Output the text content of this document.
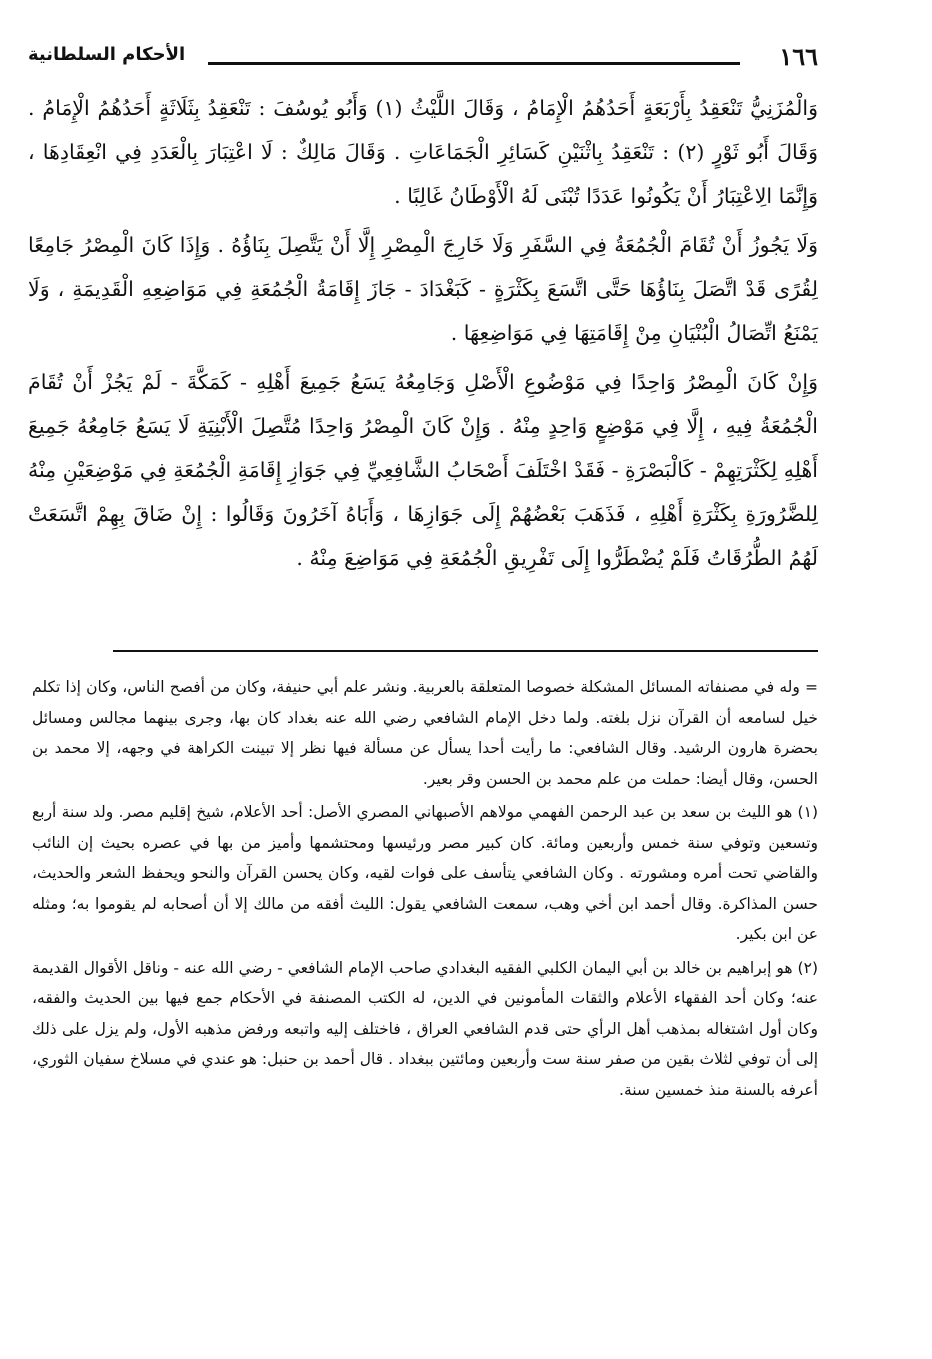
١٦٦
الأحكام السلطانية

وَالْمُزَنِيُّ تَنْعَقِدُ بِأَرْبَعَةٍ أَحَدُهُمُ الْإِمَامُ ، وَقَالَ اللَّيْثُ (١) وَأَبُو يُوسُفَ : تَنْعَقِدُ بِثَلَاثَةٍ أَحَدُهُمُ الْإِمَامُ . وَقَالَ أَبُو ثَوْرٍ (٢) : تَنْعَقِدُ بِاثْنَيْنِ كَسَائِرِ الْجَمَاعَاتِ . وَقَالَ مَالِكٌ : لَا اعْتِبَارَ بِالْعَدَدِ فِي انْعِقَادِهَا ، وَإِنَّمَا الِاعْتِبَارُ أَنْ يَكُونُوا عَدَدًا تُبْنَى لَهُ الْأَوْطَانُ غَالِبًا .

وَلَا يَجُوزُ أَنْ تُقَامَ الْجُمُعَةُ فِي السَّفَرِ وَلَا خَارِجَ الْمِصْرِ إِلَّا أَنْ يَتَّصِلَ بِنَاؤُهُ . وَإِذَا كَانَ الْمِصْرُ جَامِعًا لِقُرًى قَدْ اتَّصَلَ بِنَاؤُهَا حَتَّى اتَّسَعَ بِكَثْرَةٍ - كَبَغْدَادَ - جَازَ إِقَامَةُ الْجُمُعَةِ فِي مَوَاضِعِهِ الْقَدِيمَةِ ، وَلَا يَمْنَعُ اتِّصَالُ الْبُنْيَانِ مِنْ إِقَامَتِهَا فِي مَوَاضِعِهَا .

وَإِنْ كَانَ الْمِصْرُ وَاحِدًا فِي مَوْضُوعِ الْأَصْلِ وَجَامِعُهُ يَسَعُ جَمِيعَ أَهْلِهِ - كَمَكَّةَ - لَمْ يَجُزْ أَنْ تُقَامَ الْجُمُعَةُ فِيهِ ، إِلَّا فِي مَوْضِعٍ وَاحِدٍ مِنْهُ . وَإِنْ كَانَ الْمِصْرُ وَاحِدًا مُتَّصِلَ الْأَبْنِيَةِ لَا يَسَعُ جَامِعُهُ جَمِيعَ أَهْلِهِ لِكَثْرَتِهِمْ - كَالْبَصْرَةِ - فَقَدْ اخْتَلَفَ أَصْحَابُ الشَّافِعِيِّ فِي جَوَازِ إِقَامَةِ الْجُمُعَةِ فِي مَوْضِعَيْنِ مِنْهُ لِلضَّرُورَةِ بِكَثْرَةِ أَهْلِهِ ، فَذَهَبَ بَعْضُهُمْ إِلَى جَوَازِهَا ، وَأَبَاهُ آخَرُونَ وَقَالُوا : إِنْ ضَاقَ بِهِمْ اتَّسَعَتْ لَهُمُ الطُّرُقَاتُ فَلَمْ يُضْطَرُّوا إِلَى تَفْرِيقِ الْجُمُعَةِ فِي مَوَاضِعَ مِنْهُ .

= وله في مصنفاته المسائل المشكلة خصوصا المتعلقة بالعربية. ونشر علم أبي حنيفة، وكان من أفصح الناس، وكان إذا تكلم خيل لسامعه أن القرآن نزل بلغته. ولما دخل الإمام الشافعي رضي الله عنه بغداد كان بها، وجرى بينهما مجالس ومسائل بحضرة هارون الرشيد. وقال الشافعي: ما رأيت أحدا يسأل عن مسألة فيها نظر إلا تبينت الكراهة في وجهه، إلا محمد بن الحسن، وقال أيضا: حملت من علم محمد بن الحسن وقر بعير.

(١) هو الليث بن سعد بن عبد الرحمن الفهمي مولاهم الأصبهاني المصري الأصل: أحد الأعلام، شيخ إقليم مصر. ولد سنة أربع وتسعين وتوفي سنة خمس وأربعين ومائة. كان كبير مصر ورئيسها ومحتشمها وأميز من بها في عصره بحيث إن النائب والقاضي تحت أمره ومشورته . وكان الشافعي يتأسف على فوات لقيه، وكان يحسن القرآن والنحو ويحفظ الشعر والحديث، حسن المذاكرة. وقال أحمد ابن أخي وهب، سمعت الشافعي يقول: الليث أفقه من مالك إلا أن أصحابه لم يقوموا به؛ ومثله عن ابن بكير.

(٢) هو إبراهيم بن خالد بن أبي اليمان الكلبي الفقيه البغدادي صاحب الإمام الشافعي - رضي الله عنه - وناقل الأقوال القديمة عنه؛ وكان أحد الفقهاء الأعلام والثقات المأمونين في الدين، له الكتب المصنفة في الأحكام جمع فيها بين الحديث والفقه، وكان أول اشتغاله بمذهب أهل الرأي حتى قدم الشافعي العراق ، فاختلف إليه واتبعه ورفض مذهبه الأول، ولم يزل على ذلك إلى أن توفي لثلاث بقين من صفر سنة ست وأربعين ومائتين ببغداد . قال أحمد بن حنبل: هو عندي في مسلاخ سفيان الثوري، أعرفه بالسنة منذ خمسين سنة.
